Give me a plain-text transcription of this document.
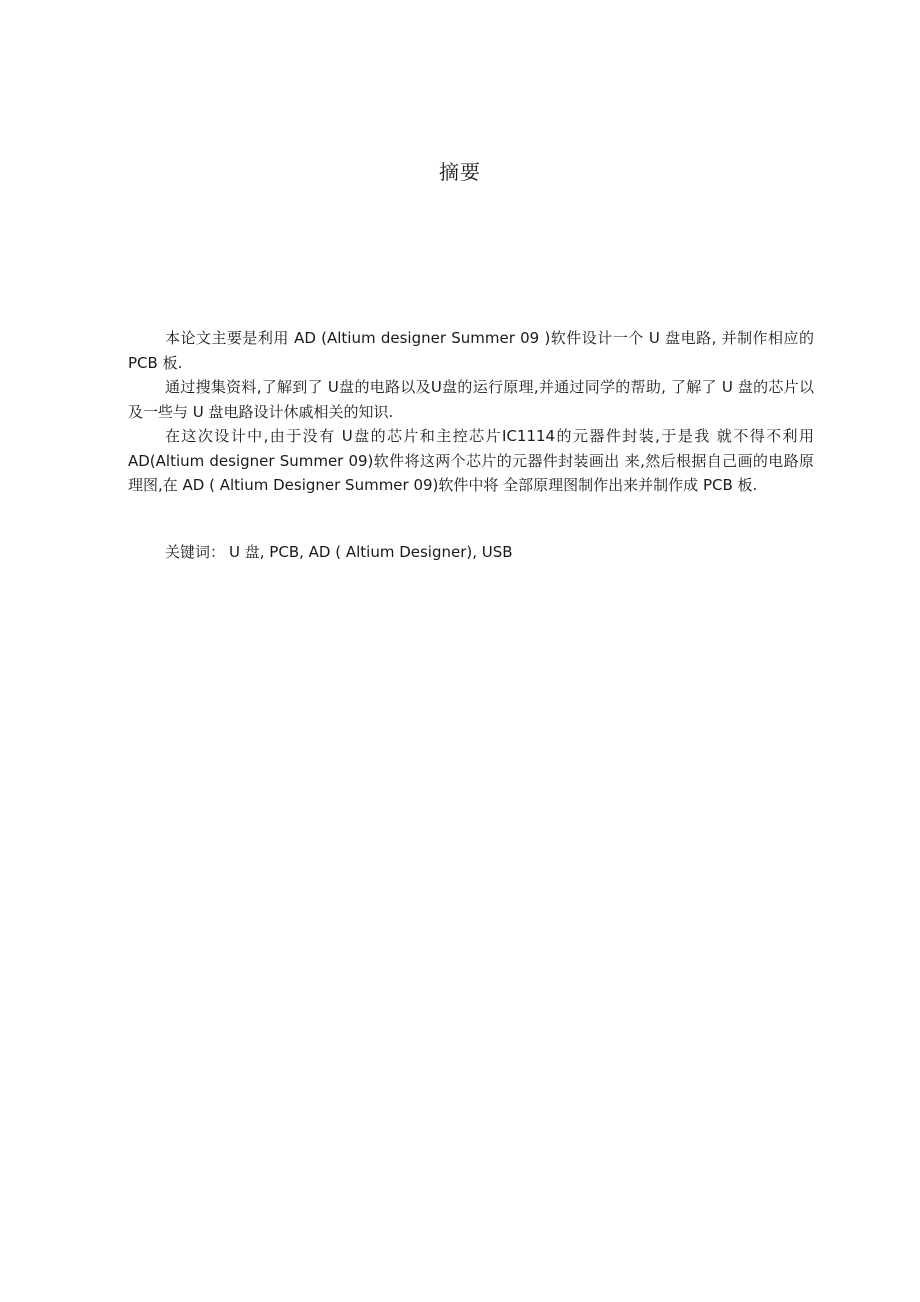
摘要

本论文主要是利用 AD (Altium designer Summer 09 )软件设计一个 U 盘电路, 并制作相应的 PCB 板.

通过搜集资料,了解到了 U盘的电路以及U盘的运行原理,并通过同学的帮助, 了解了 U 盘的芯片以及一些与 U 盘电路设计休戚相关的知识.

在这次设计中,由于没有 U盘的芯片和主控芯片IC1114的元器件封装,于是我 就不得不利用AD(Altium designer Summer 09)软件将这两个芯片的元器件封装画出 来,然后根据自己画的电路原理图,在 AD ( Altium Designer Summer 09)软件中将 全部原理图制作出来并制作成 PCB 板.

关键词： U 盘, PCB, AD ( Altium Designer), USB
